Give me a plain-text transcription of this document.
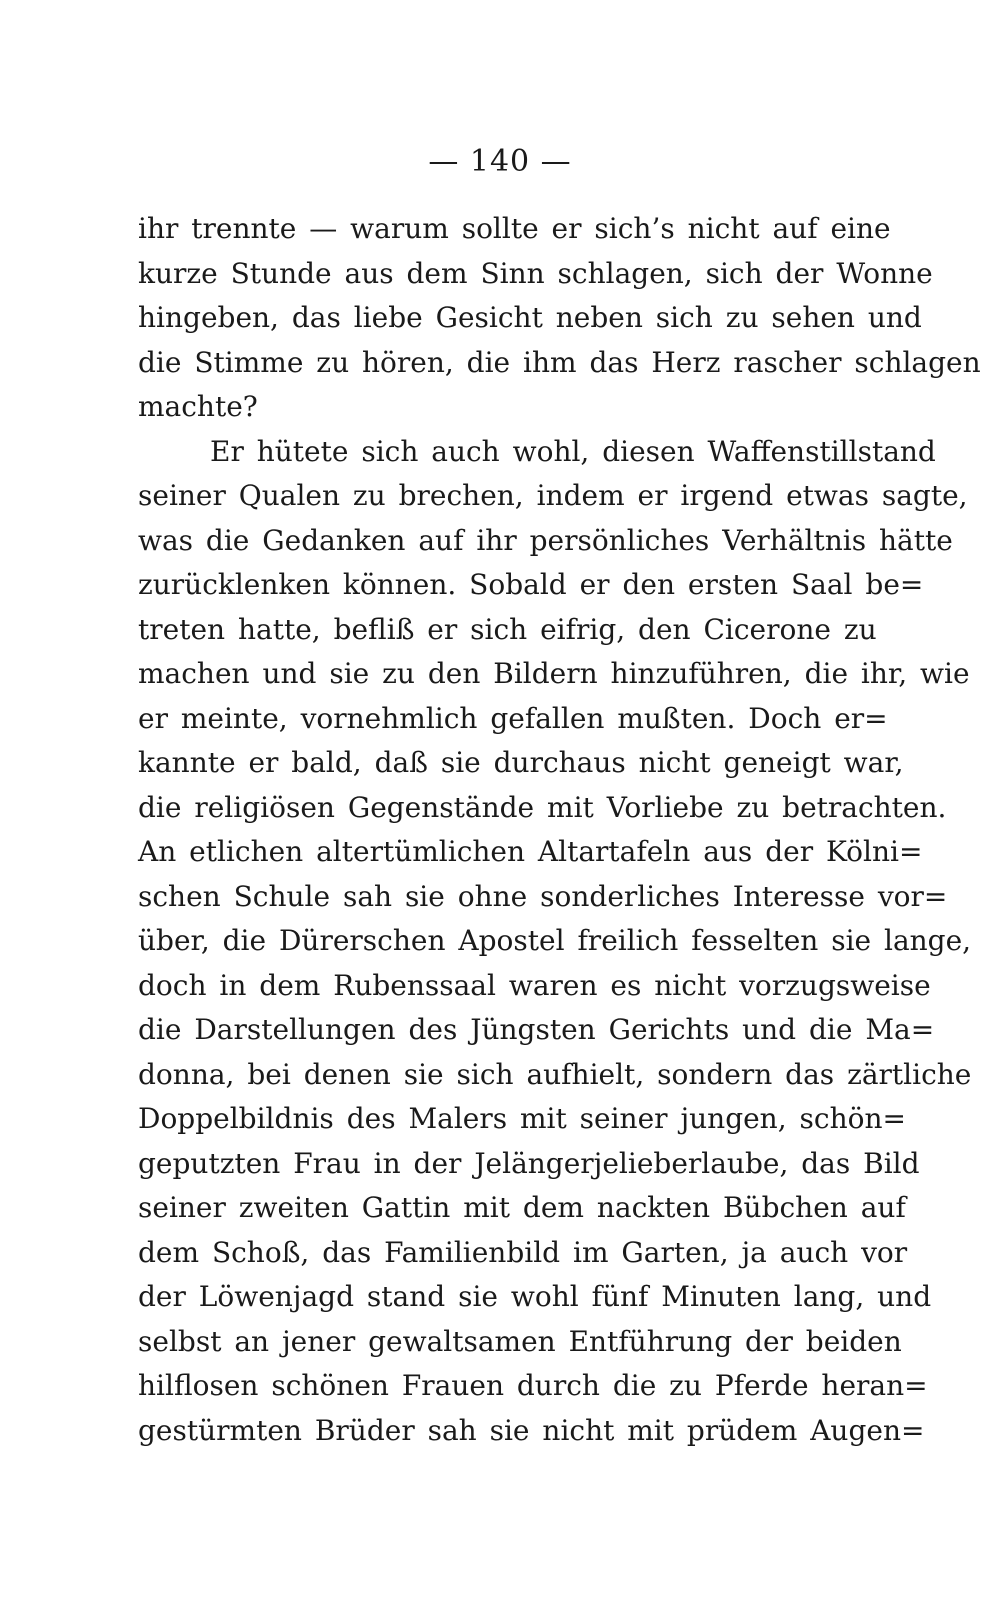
— 140 —

ihr trennte — warum sollte er sich’s nicht auf eine
kurze Stunde aus dem Sinn schlagen, sich der Wonne
hingeben, das liebe Gesicht neben sich zu sehen und
die Stimme zu hören, die ihm das Herz rascher schlagen
machte?
Er hütete sich auch wohl, diesen Waffenstillstand
seiner Qualen zu brechen, indem er irgend etwas sagte,
was die Gedanken auf ihr persönliches Verhältnis hätte
zurücklenken können. Sobald er den ersten Saal be=
treten hatte, befliß er sich eifrig, den Cicerone zu
machen und sie zu den Bildern hinzuführen, die ihr, wie
er meinte, vornehmlich gefallen mußten. Doch er=
kannte er bald, daß sie durchaus nicht geneigt war,
die religiösen Gegenstände mit Vorliebe zu betrachten.
An etlichen altertümlichen Altartafeln aus der Kölni=
schen Schule sah sie ohne sonderliches Interesse vor=
über, die Dürerschen Apostel freilich fesselten sie lange,
doch in dem Rubenssaal waren es nicht vorzugsweise
die Darstellungen des Jüngsten Gerichts und die Ma=
donna, bei denen sie sich aufhielt, sondern das zärtliche
Doppelbildnis des Malers mit seiner jungen, schön=
geputzten Frau in der Jelängerjelieberlaube, das Bild
seiner zweiten Gattin mit dem nackten Bübchen auf
dem Schoß, das Familienbild im Garten, ja auch vor
der Löwenjagd stand sie wohl fünf Minuten lang, und
selbst an jener gewaltsamen Entführung der beiden
hilflosen schönen Frauen durch die zu Pferde heran=
gestürmten Brüder sah sie nicht mit prüdem Augen=
